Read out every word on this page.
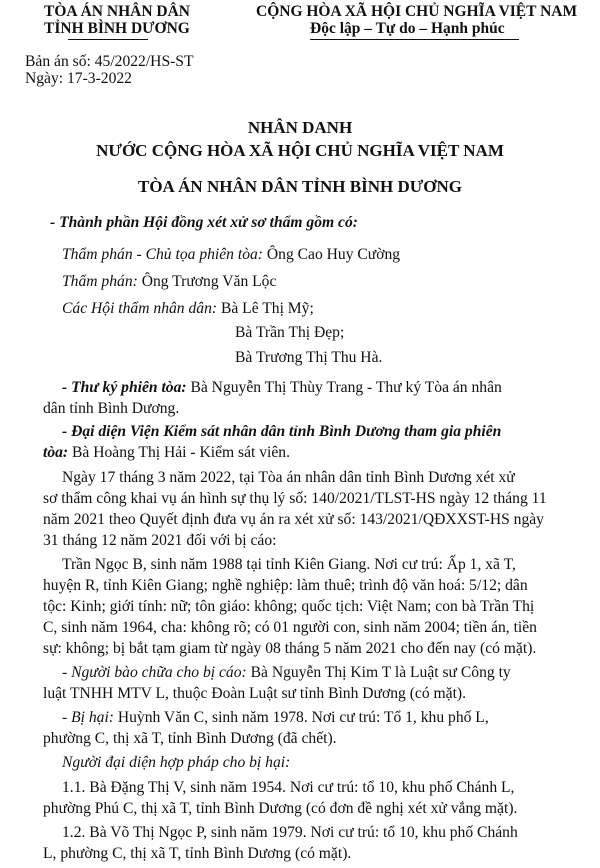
TÒA ÁN NHÂN DÂN
TỈNH BÌNH DƯƠNG
CỘNG HÒA XÃ HỘI CHỦ NGHĨA VIỆT NAM
Độc lập – Tự do – Hạnh phúc
Bản án số: 45/2022/HS-ST
Ngày: 17-3-2022
NHÂN DANH
NƯỚC CỘNG HÒA XÃ HỘI CHỦ NGHĨA VIỆT NAM
TÒA ÁN NHÂN DÂN TỈNH BÌNH DƯƠNG
- Thành phần Hội đồng xét xử sơ thẩm gồm có:
Thẩm phán - Chủ tọa phiên tòa: Ông Cao Huy Cường
Thẩm phán: Ông Trương Văn Lộc
Các Hội thẩm nhân dân: Bà Lê Thị Mỹ;
Bà Trần Thị Đẹp;
Bà Trương Thị Thu Hà.
- Thư ký phiên tòa: Bà Nguyễn Thị Thùy Trang - Thư ký Tòa án nhân
dân tỉnh Bình Dương.
- Đại diện Viện Kiểm sát nhân dân tỉnh Bình Dương tham gia phiên
tòa: Bà Hoàng Thị Hải - Kiểm sát viên.
Ngày 17 tháng 3 năm 2022, tại Tòa án nhân dân tỉnh Bình Dương xét xử
sơ thẩm công khai vụ án hình sự thụ lý số: 140/2021/TLST-HS ngày 12 tháng 11
năm 2021 theo Quyết định đưa vụ án ra xét xử số: 143/2021/QĐXXST-HS ngày
31 tháng 12 năm 2021 đối với bị cáo:
Trần Ngọc B, sinh năm 1988 tại tỉnh Kiên Giang. Nơi cư trú: Ấp 1, xã T,
huyện R, tỉnh Kiên Giang; nghề nghiệp: làm thuê; trình độ văn hoá: 5/12; dân
tộc: Kinh; giới tính: nữ; tôn giáo: không; quốc tịch: Việt Nam; con bà Trần Thị
C, sinh năm 1964, cha: không rõ; có 01 người con, sinh năm 2004; tiền án, tiền
sự: không; bị bắt tạm giam từ ngày 08 tháng 5 năm 2021 cho đến nay (có mặt).
- Người bào chữa cho bị cáo: Bà Nguyễn Thị Kim T là Luật sư Công ty
luật TNHH MTV L, thuộc Đoàn Luật sư tỉnh Bình Dương (có mặt).
- Bị hại: Huỳnh Văn C, sinh năm 1978. Nơi cư trú: Tổ 1, khu phố L,
phường C, thị xã T, tỉnh Bình Dương (đã chết).
Người đại diện hợp pháp cho bị hại:
1.1. Bà Đặng Thị V, sinh năm 1954. Nơi cư trú: tổ 10, khu phố Chánh L,
phường Phú C, thị xã T, tỉnh Bình Dương (có đơn đề nghị xét xử vắng mặt).
1.2. Bà Võ Thị Ngọc P, sinh năm 1979. Nơi cư trú: tổ 10, khu phố Chánh
L, phường C, thị xã T, tỉnh Bình Dương (có mặt).
